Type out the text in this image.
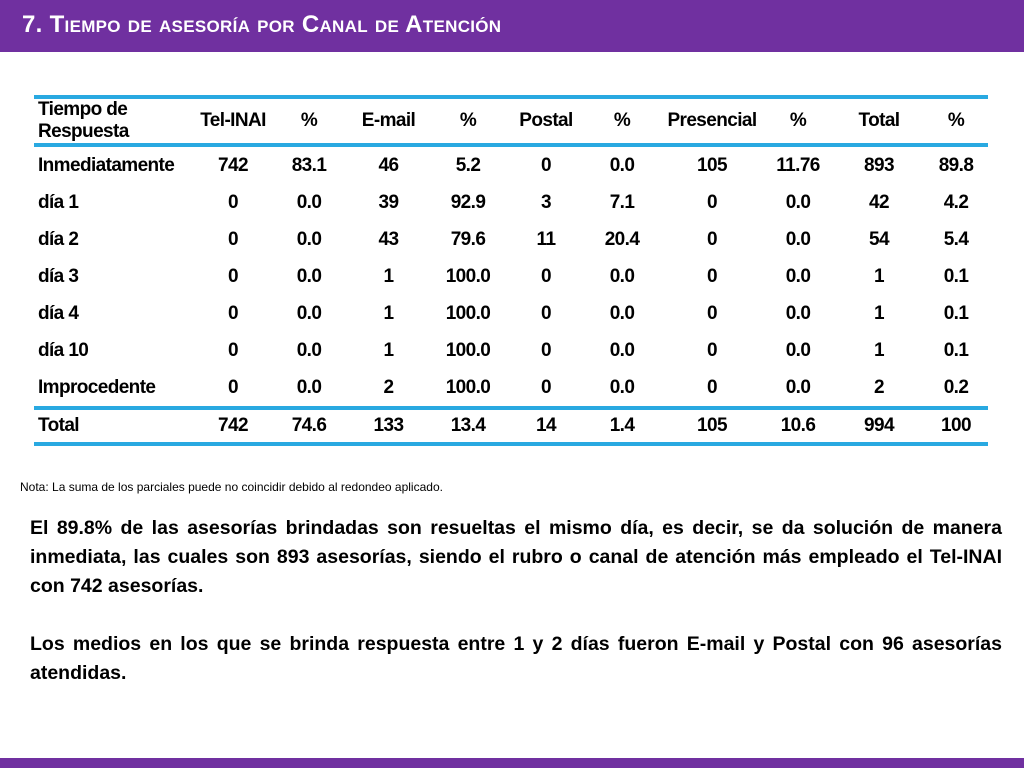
7. Tiempo de asesoría por Canal de Atención
Tiempo de Respuesta	Tel-INAI	%	E-mail	%	Postal	%	Presencial	%	Total	%
Inmediatamente	742	83.1	46	5.2	0	0.0	105	11.76	893	89.8
día 1	0	0.0	39	92.9	3	7.1	0	0.0	42	4.2
día 2	0	0.0	43	79.6	11	20.4	0	0.0	54	5.4
día 3	0	0.0	1	100.0	0	0.0	0	0.0	1	0.1
día 4	0	0.0	1	100.0	0	0.0	0	0.0	1	0.1
día 10	0	0.0	1	100.0	0	0.0	0	0.0	1	0.1
Improcedente	0	0.0	2	100.0	0	0.0	0	0.0	2	0.2
Total	742	74.6	133	13.4	14	1.4	105	10.6	994	100
Nota: La suma de los parciales puede no coincidir debido al redondeo aplicado.

El 89.8% de las asesorías brindadas son resueltas el mismo día, es decir, se da solución de manera inmediata, las cuales son 893 asesorías, siendo el rubro o canal de atención más empleado el Tel-INAI con 742 asesorías.

Los medios en los que se brinda respuesta entre 1 y 2 días fueron E-mail y Postal con 96 asesorías atendidas.
